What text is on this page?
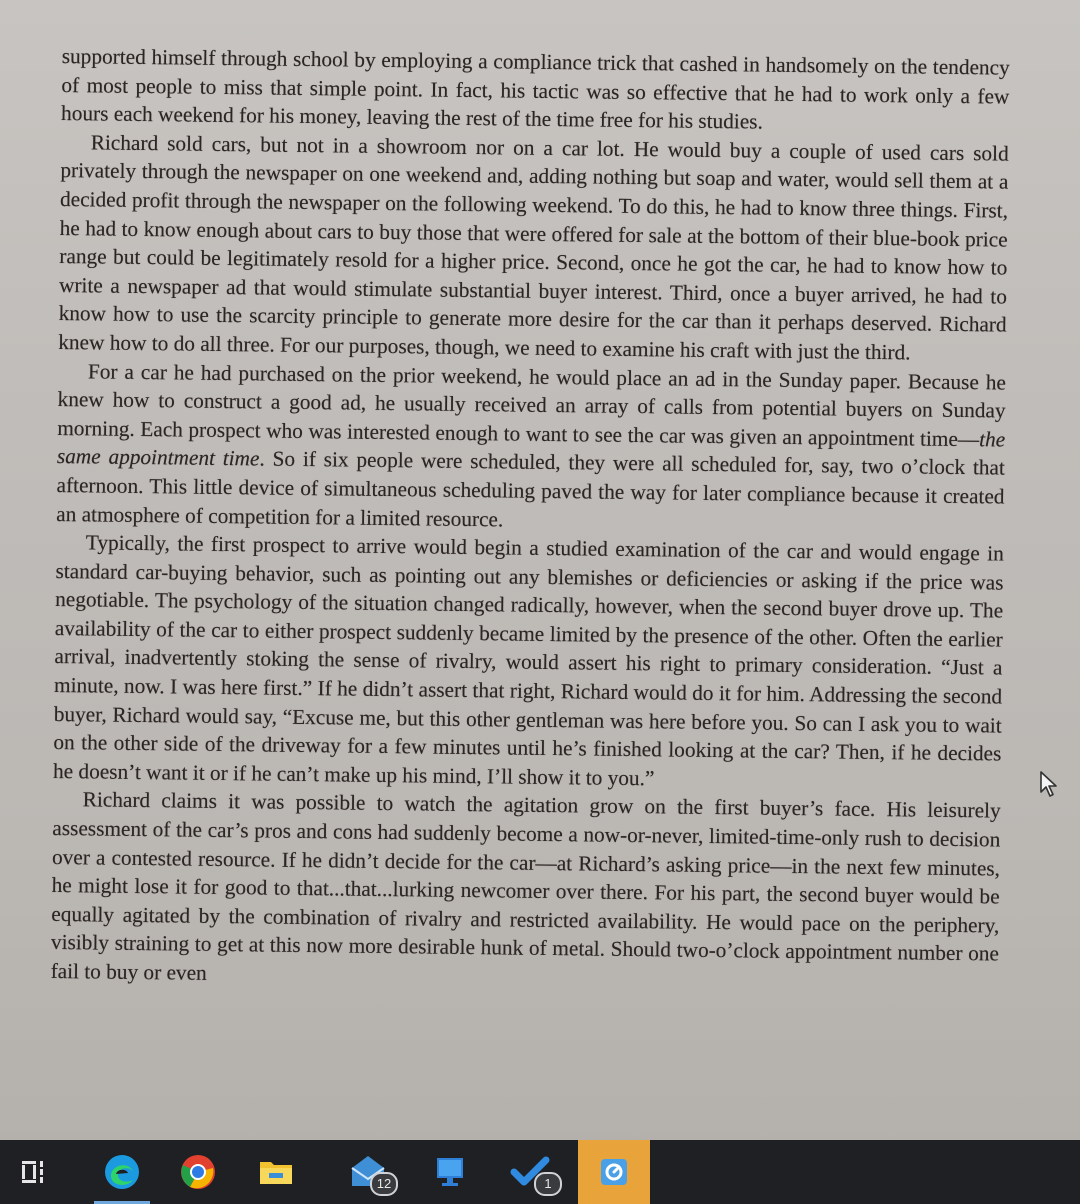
supported himself through school by employing a compliance trick that cashed in handsomely on the tendency of most people to miss that simple point. In fact, his tactic was so effective that he had to work only a few hours each weekend for his money, leaving the rest of the time free for his studies.

Richard sold cars, but not in a showroom nor on a car lot. He would buy a couple of used cars sold privately through the newspaper on one weekend and, adding nothing but soap and water, would sell them at a decided profit through the newspaper on the following weekend. To do this, he had to know three things. First, he had to know enough about cars to buy those that were offered for sale at the bottom of their blue-book price range but could be legitimately resold for a higher price. Second, once he got the car, he had to know how to write a newspaper ad that would stimulate substantial buyer interest. Third, once a buyer arrived, he had to know how to use the scarcity principle to generate more desire for the car than it perhaps deserved. Richard knew how to do all three. For our purposes, though, we need to examine his craft with just the third.

For a car he had purchased on the prior weekend, he would place an ad in the Sunday paper. Because he knew how to construct a good ad, he usually received an array of calls from potential buyers on Sunday morning. Each prospect who was interested enough to want to see the car was given an appointment time—the same appointment time. So if six people were scheduled, they were all scheduled for, say, two o’clock that afternoon. This little device of simultaneous scheduling paved the way for later compliance because it created an atmosphere of competition for a limited resource.

Typically, the first prospect to arrive would begin a studied examination of the car and would engage in standard car-buying behavior, such as pointing out any blemishes or deficiencies or asking if the price was negotiable. The psychology of the situation changed radically, however, when the second buyer drove up. The availability of the car to either prospect suddenly became limited by the presence of the other. Often the earlier arrival, inadvertently stoking the sense of rivalry, would assert his right to primary consideration. “Just a minute, now. I was here first.” If he didn’t assert that right, Richard would do it for him. Addressing the second buyer, Richard would say, “Excuse me, but this other gentleman was here before you. So can I ask you to wait on the other side of the driveway for a few minutes until he’s finished looking at the car? Then, if he decides he doesn’t want it or if he can’t make up his mind, I’ll show it to you.”

Richard claims it was possible to watch the agitation grow on the first buyer’s face. His leisurely assessment of the car’s pros and cons had suddenly become a now-or-never, limited-time-only rush to decision over a contested resource. If he didn’t decide for the car—at Richard’s asking price—in the next few minutes, he might lose it for good to that...that...lurking newcomer over there. For his part, the second buyer would be equally agitated by the combination of rivalry and restricted availability. He would pace on the periphery, visibly straining to get at this now more desirable hunk of metal. Should two-o’clock appointment number one fail to buy or even

12	1
